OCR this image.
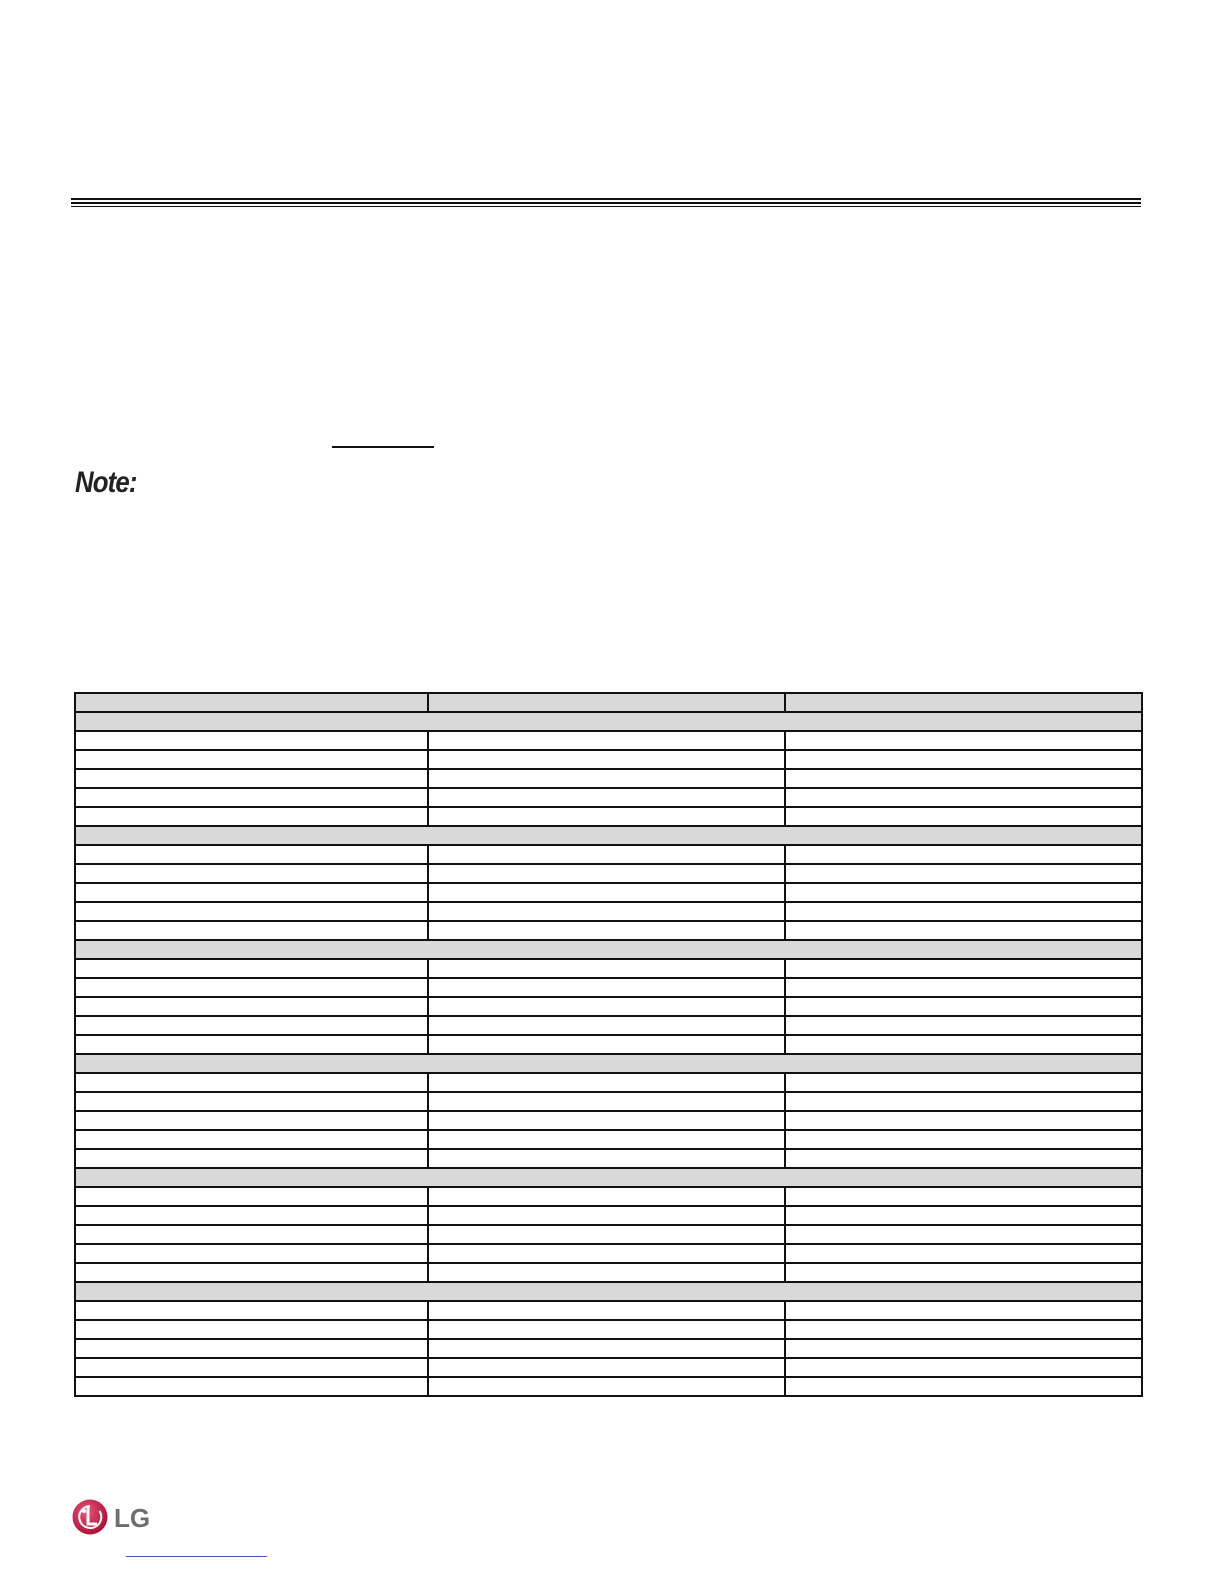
Note:

LG
